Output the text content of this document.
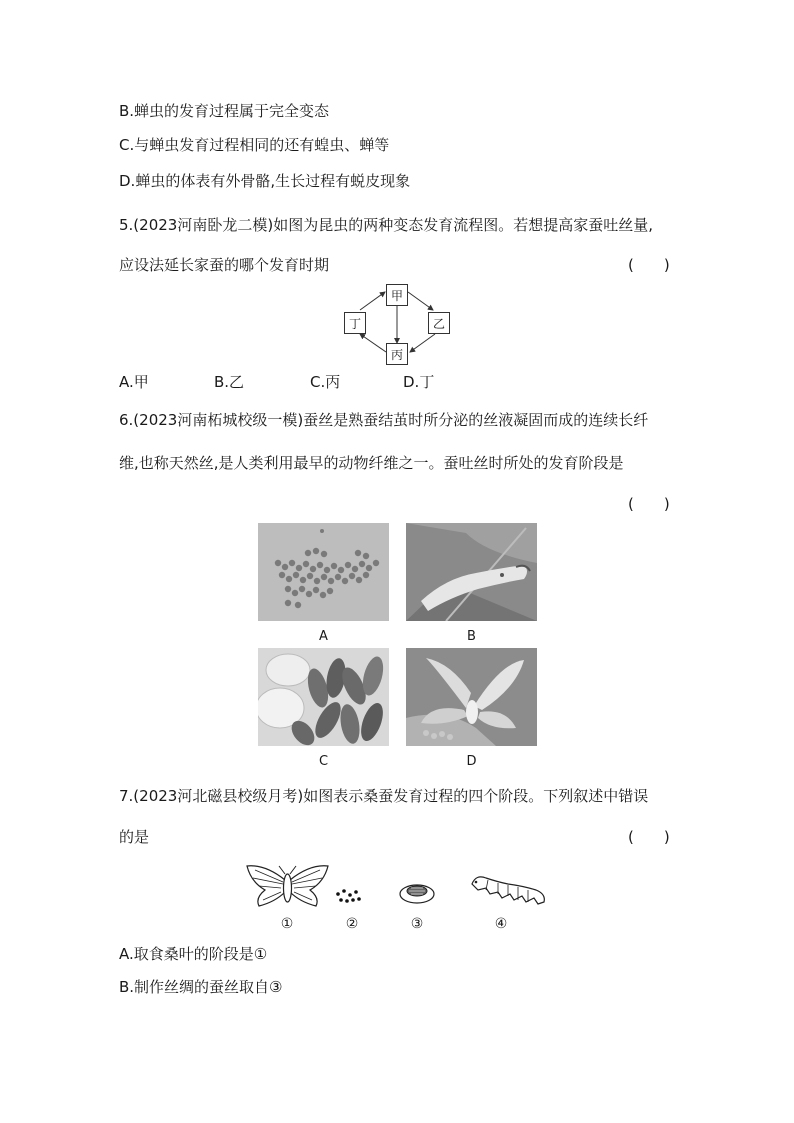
B.蝉虫的发育过程属于完全变态
C.与蝉虫发育过程相同的还有蝗虫、蝉等
D.蝉虫的体表有外骨骼,生长过程有蜕皮现象
5.(2023河南卧龙二模)如图为昆虫的两种变态发育流程图。若想提高家蚕吐丝量,
应设法延长家蚕的哪个发育时期	(　　)
甲
乙
丙
丁
A.甲	B.乙	C.丙	D.丁
6.(2023河南柘城校级一模)蚕丝是熟蚕结茧时所分泌的丝液凝固而成的连续长纤
维,也称天然丝,是人类利用最早的动物纤维之一。蚕吐丝时所处的发育阶段是
(　　)
A	B
C	D
7.(2023河北磁县校级月考)如图表示桑蚕发育过程的四个阶段。下列叙述中错误
的是	(　　)
①	②	③	④
A.取食桑叶的阶段是①
B.制作丝绸的蚕丝取自③
